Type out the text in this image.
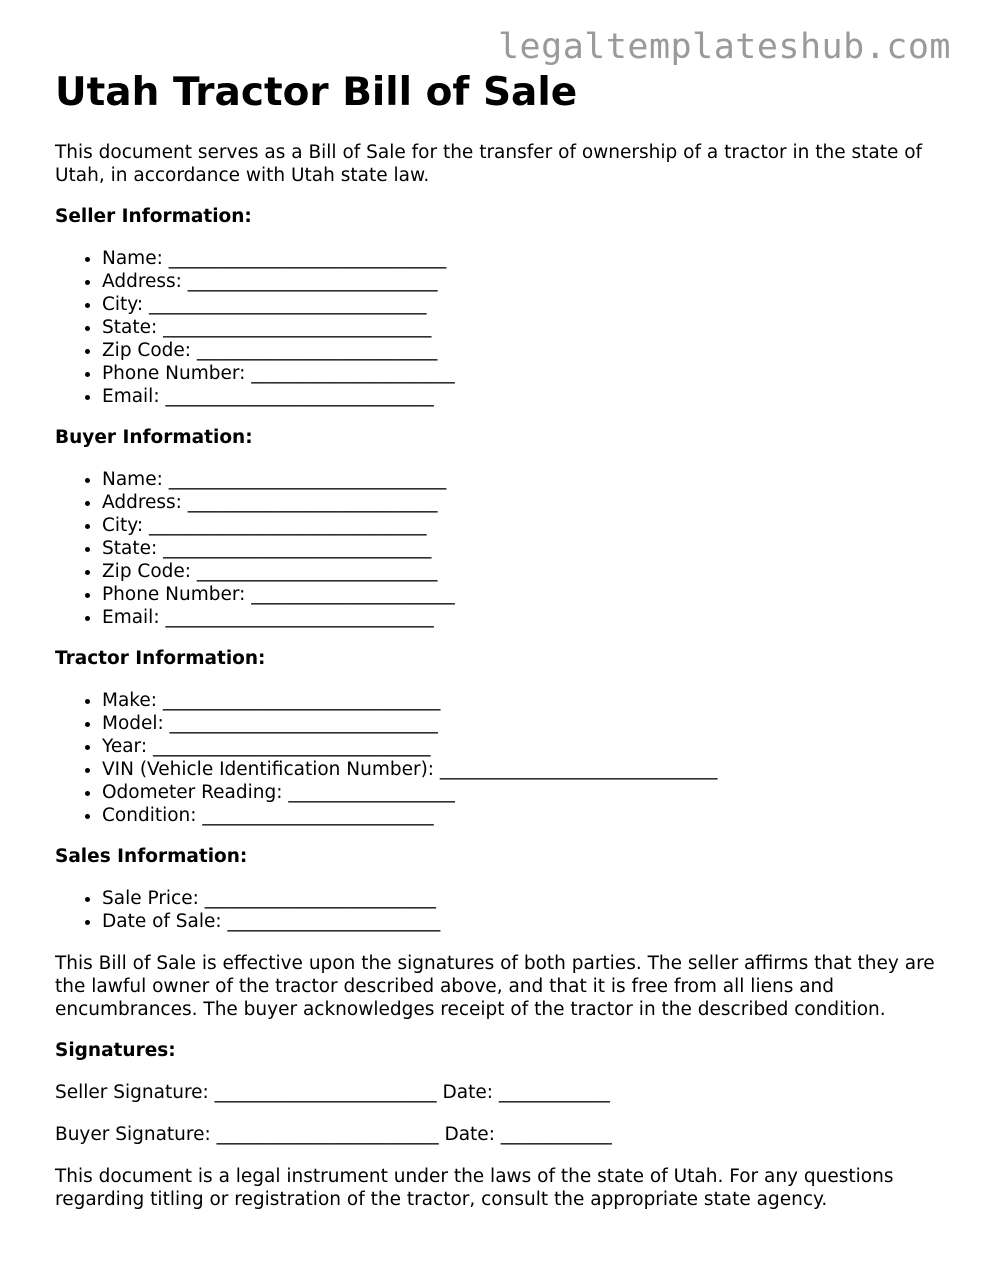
legaltemplateshub.com
Utah Tractor Bill of Sale

This document serves as a Bill of Sale for the transfer of ownership of a tractor in the state of Utah, in accordance with Utah state law.

Seller Information:
• Name: ______________________________
• Address: ___________________________
• City: ______________________________
• State: _____________________________
• Zip Code: __________________________
• Phone Number: ______________________
• Email: _____________________________
Buyer Information:
• Name: ______________________________
• Address: ___________________________
• City: ______________________________
• State: _____________________________
• Zip Code: __________________________
• Phone Number: ______________________
• Email: _____________________________
Tractor Information:
• Make: ______________________________
• Model: _____________________________
• Year: ______________________________
• VIN (Vehicle Identification Number): ______________________________
• Odometer Reading: __________________
• Condition: _________________________
Sales Information:
• Sale Price: _________________________
• Date of Sale: _______________________

This Bill of Sale is effective upon the signatures of both parties. The seller affirms that they are the lawful owner of the tractor described above, and that it is free from all liens and encumbrances. The buyer acknowledges receipt of the tractor in the described condition.

Signatures:

Seller Signature: ________________________ Date: ____________

Buyer Signature: ________________________ Date: ____________

This document is a legal instrument under the laws of the state of Utah. For any questions regarding titling or registration of the tractor, consult the appropriate state agency.
